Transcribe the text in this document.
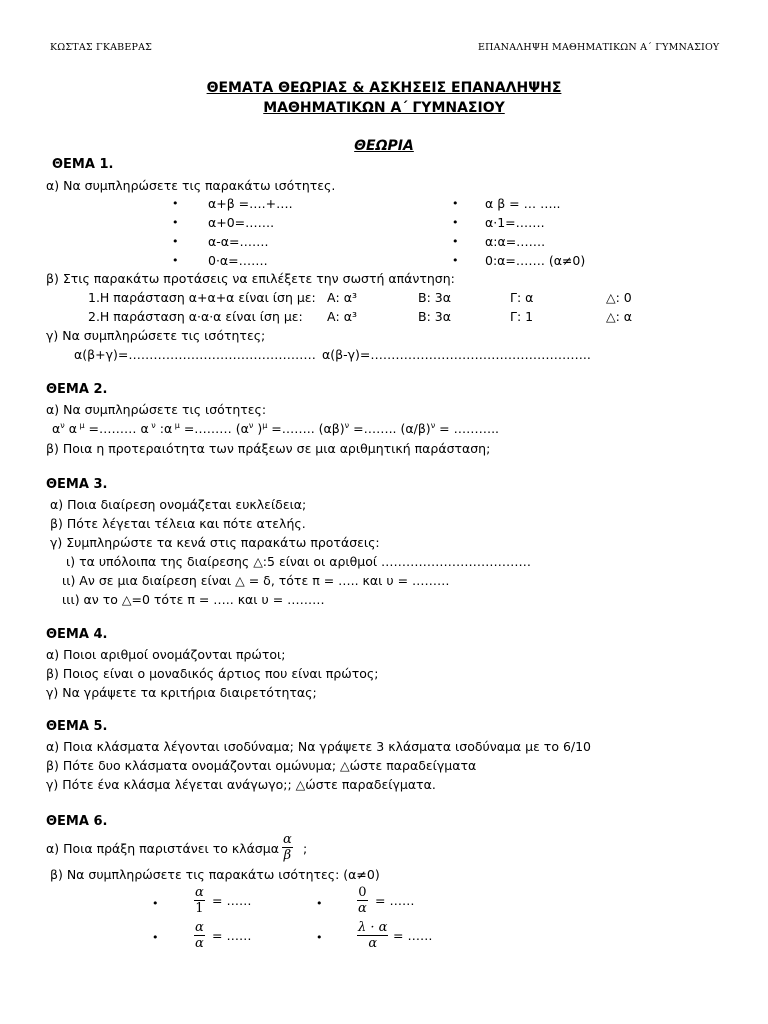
ΚΩΣΤΑΣ ΓΚΑΒΕΡΑΣ	ΕΠΑΝΑΛΗΨΗ ΜΑΘΗΜΑΤΙΚΩΝ Α΄ ΓΥΜΝΑΣΙΟΥ
ΘΕΜΑΤΑ ΘΕΩΡΙΑΣ & ΑΣΚΗΣΕΙΣ ΕΠΑΝΑΛΗΨΗΣ
ΜΑΘΗΜΑΤΙΚΩΝ Α΄ ΓΥΜΝΑΣΙΟΥ
ΘΕΩΡΙΑ
ΘΕΜΑ 1.
α) Να συμπληρώσετε τις παρακάτω ισότητες.
• α+β =….+….
• α+0=…….
• α-α=…….
• 0·α=…….
• α β = … …..
• α·1=…….
• α:α=…….
• 0:α=……. (α≠0)
β) Στις παρακάτω προτάσεις να επιλέξετε την σωστή απάντηση:
1.Η παράσταση α+α+α είναι ίση με: Α: α³	Β: 3α	Γ: α	△: 0
2.Η παράσταση α·α·α είναι ίση με: Α: α³	Β: 3α	Γ: 1	△: α
γ) Να συμπληρώσετε τις ισότητες;
α(β+γ)=……………………………………… α(β-γ)=……………………………………………..
ΘΕΜΑ 2.
α) Να συμπληρώσετε τις ισότητες:
$\alpha^\nu$ α $^\mu$ =……… α $^\nu$ :α $^\mu$ =……… ($\alpha^\nu$ )$^\mu$ =…….. $(\alpha\beta)^\nu$ =…….. $(\alpha/\beta)^\nu$ = ………..
β) Ποια η προτεραιότητα των πράξεων σε μια αριθμητική παράσταση;
ΘΕΜΑ 3.
α) Ποια διαίρεση ονομάζεται ευκλείδεια;
β) Πότε λέγεται τέλεια και πότε ατελής.
γ) Συμπληρώστε τα κενά στις παρακάτω προτάσεις:
ι) τα υπόλοιπα της διαίρεσης △:5 είναι οι αριθμοί ………………………………
ιι) Αν σε μια διαίρεση είναι △ = δ, τότε π = ….. και υ = ………
ιιι) αν το △=0 τότε π = ….. και υ = ………
ΘΕΜΑ 4.
α) Ποιοι αριθμοί ονομάζονται πρώτοι;
β) Ποιος είναι ο μοναδικός άρτιος που είναι πρώτος;
γ) Να γράψετε τα κριτήρια διαιρετότητας;
ΘΕΜΑ 5.
α) Ποια κλάσματα λέγονται ισοδύναμα; Να γράψετε 3 κλάσματα ισοδύναμα με το 6/10
β) Πότε δυο κλάσματα ονομάζονται ομώνυμα; △ώστε παραδείγματα
γ) Πότε ένα κλάσμα λέγεται ανάγωγο;; △ώστε παραδείγματα.
ΘΕΜΑ 6.
α) Ποια πράξη παριστάνει το κλάσμα
α
β ;
β) Να συμπληρώσετε τις παρακάτω ισότητες: (α≠0)
•
α
1
= ……	•
0
α
= ……
•
α
α
= ……	•
λ · α
α
= ……
